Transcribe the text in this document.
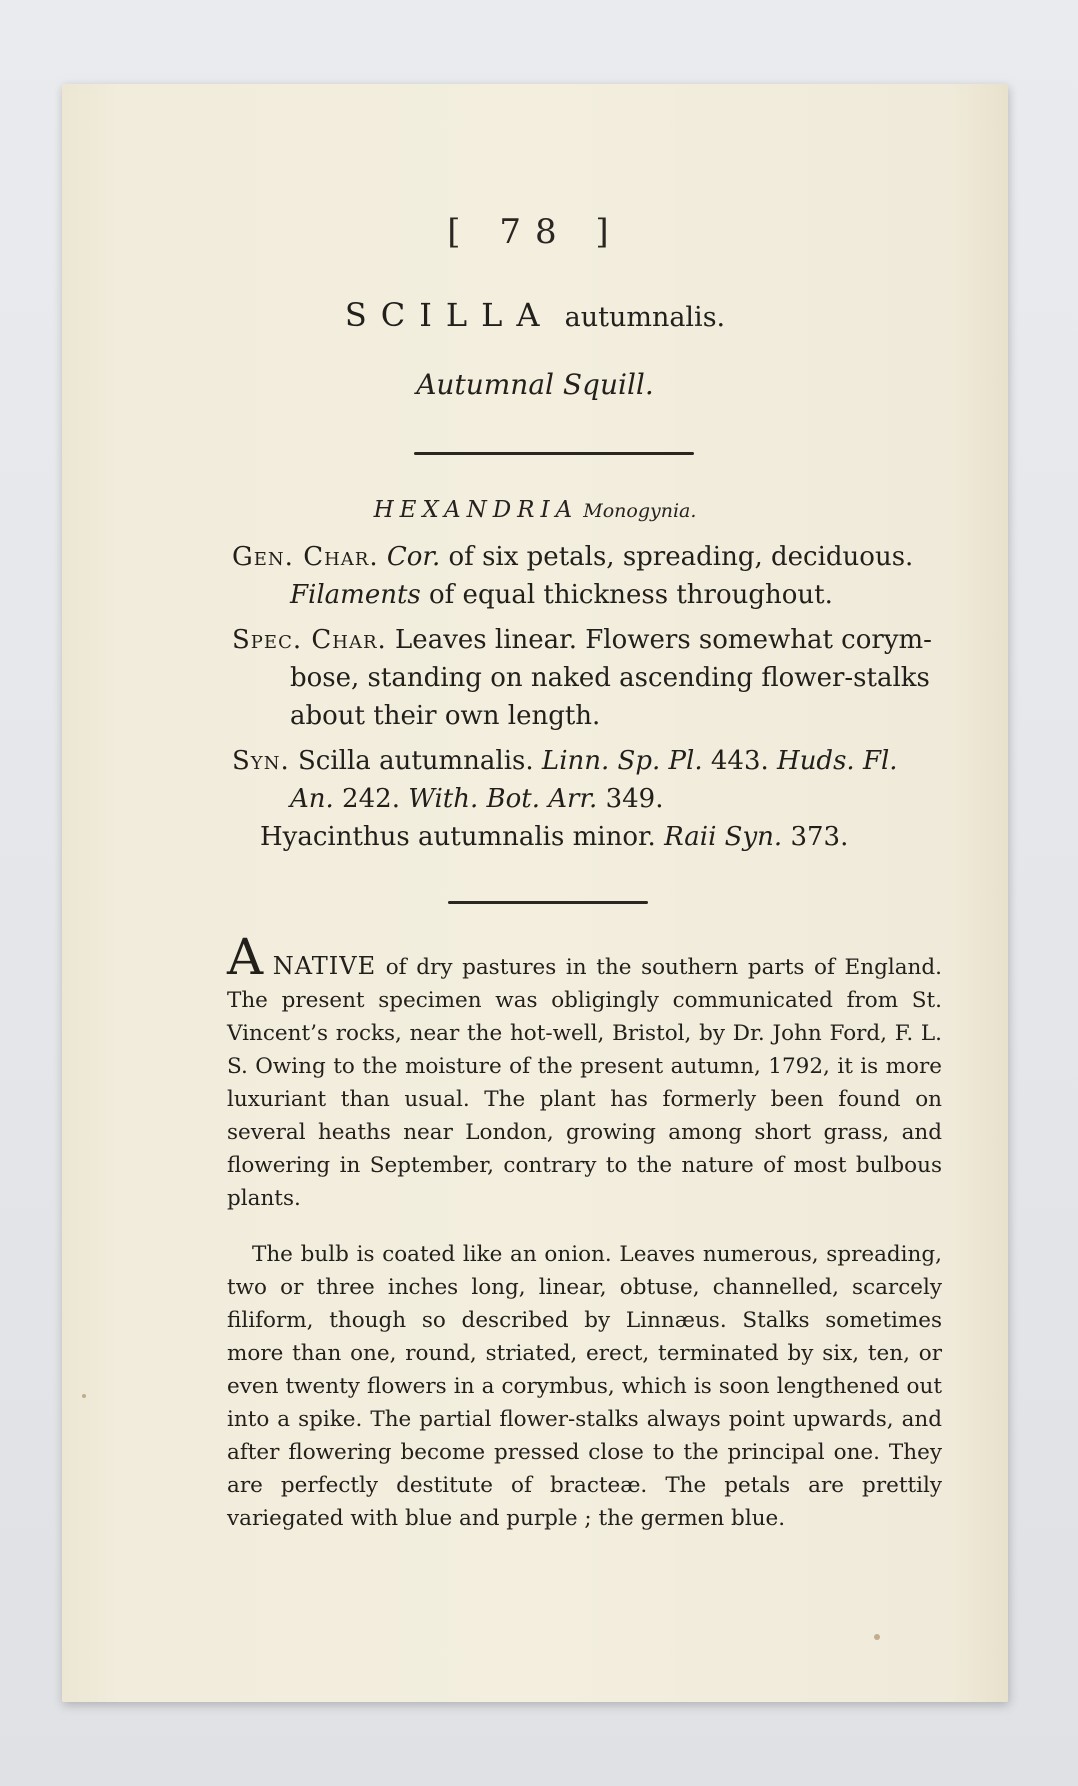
[ 78 ]
SCILLA autumnalis.
Autumnal Squill.
HEXANDRIA Monogynia.
Gen. Char. Cor. of six petals, spreading, deciduous.
Filaments of equal thickness throughout.
Spec. Char. Leaves linear. Flowers somewhat corym-
bose, standing on naked ascending flower-stalks
about their own length.
Syn. Scilla autumnalis. Linn. Sp. Pl. 443. Huds. Fl.
An. 242. With. Bot. Arr. 349.
Hyacinthus autumnalis minor. Raii Syn. 373.
A NATIVE of dry pastures in the southern parts of England. The present specimen was obligingly communicated from St. Vincent’s rocks, near the hot-well, Bristol, by Dr. John Ford, F. L. S. Owing to the moisture of the present autumn, 1792, it is more luxuriant than usual. The plant has formerly been found on several heaths near London, growing among short grass, and flowering in September, contrary to the nature of most bulbous plants.
The bulb is coated like an onion. Leaves numerous, spreading, two or three inches long, linear, obtuse, channelled, scarcely filiform, though so described by Linnæus. Stalks sometimes more than one, round, striated, erect, terminated by six, ten, or even twenty flowers in a corymbus, which is soon lengthened out into a spike. The partial flower-stalks always point upwards, and after flowering become pressed close to the principal one. They are perfectly destitute of bracteæ. The petals are prettily variegated with blue and purple ; the germen blue.
